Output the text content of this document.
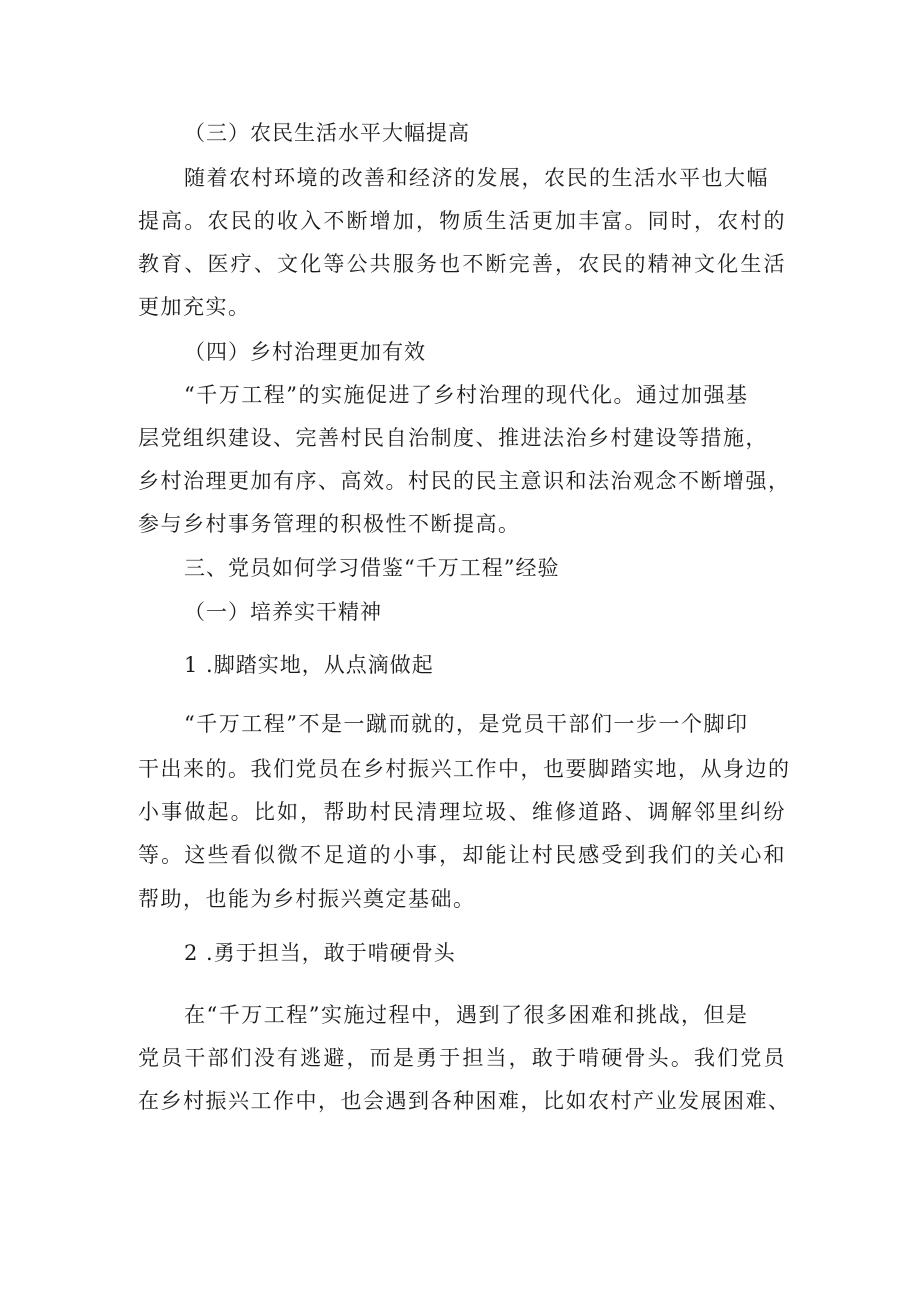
（三）农民生活水平大幅提高
随着农村环境的改善和经济的发展，农民的生活水平也大幅
提高。农民的收入不断增加，物质生活更加丰富。同时，农村的
教育、医疗、文化等公共服务也不断完善，农民的精神文化生活
更加充实。
（四）乡村治理更加有效
“千万工程”的实施促进了乡村治理的现代化。通过加强基
层党组织建设、完善村民自治制度、推进法治乡村建设等措施，
乡村治理更加有序、高效。村民的民主意识和法治观念不断增强，
参与乡村事务管理的积极性不断提高。
三、党员如何学习借鉴“千万工程”经验
（一）培养实干精神
1 .脚踏实地，从点滴做起
“千万工程”不是一蹴而就的，是党员干部们一步一个脚印
干出来的。我们党员在乡村振兴工作中，也要脚踏实地，从身边的
小事做起。比如，帮助村民清理垃圾、维修道路、调解邻里纠纷
等。这些看似微不足道的小事，却能让村民感受到我们的关心和
帮助，也能为乡村振兴奠定基础。
2 .勇于担当，敢于啃硬骨头
在“千万工程”实施过程中，遇到了很多困难和挑战，但是
党员干部们没有逃避，而是勇于担当，敢于啃硬骨头。我们党员
在乡村振兴工作中，也会遇到各种困难，比如农村产业发展困难、
